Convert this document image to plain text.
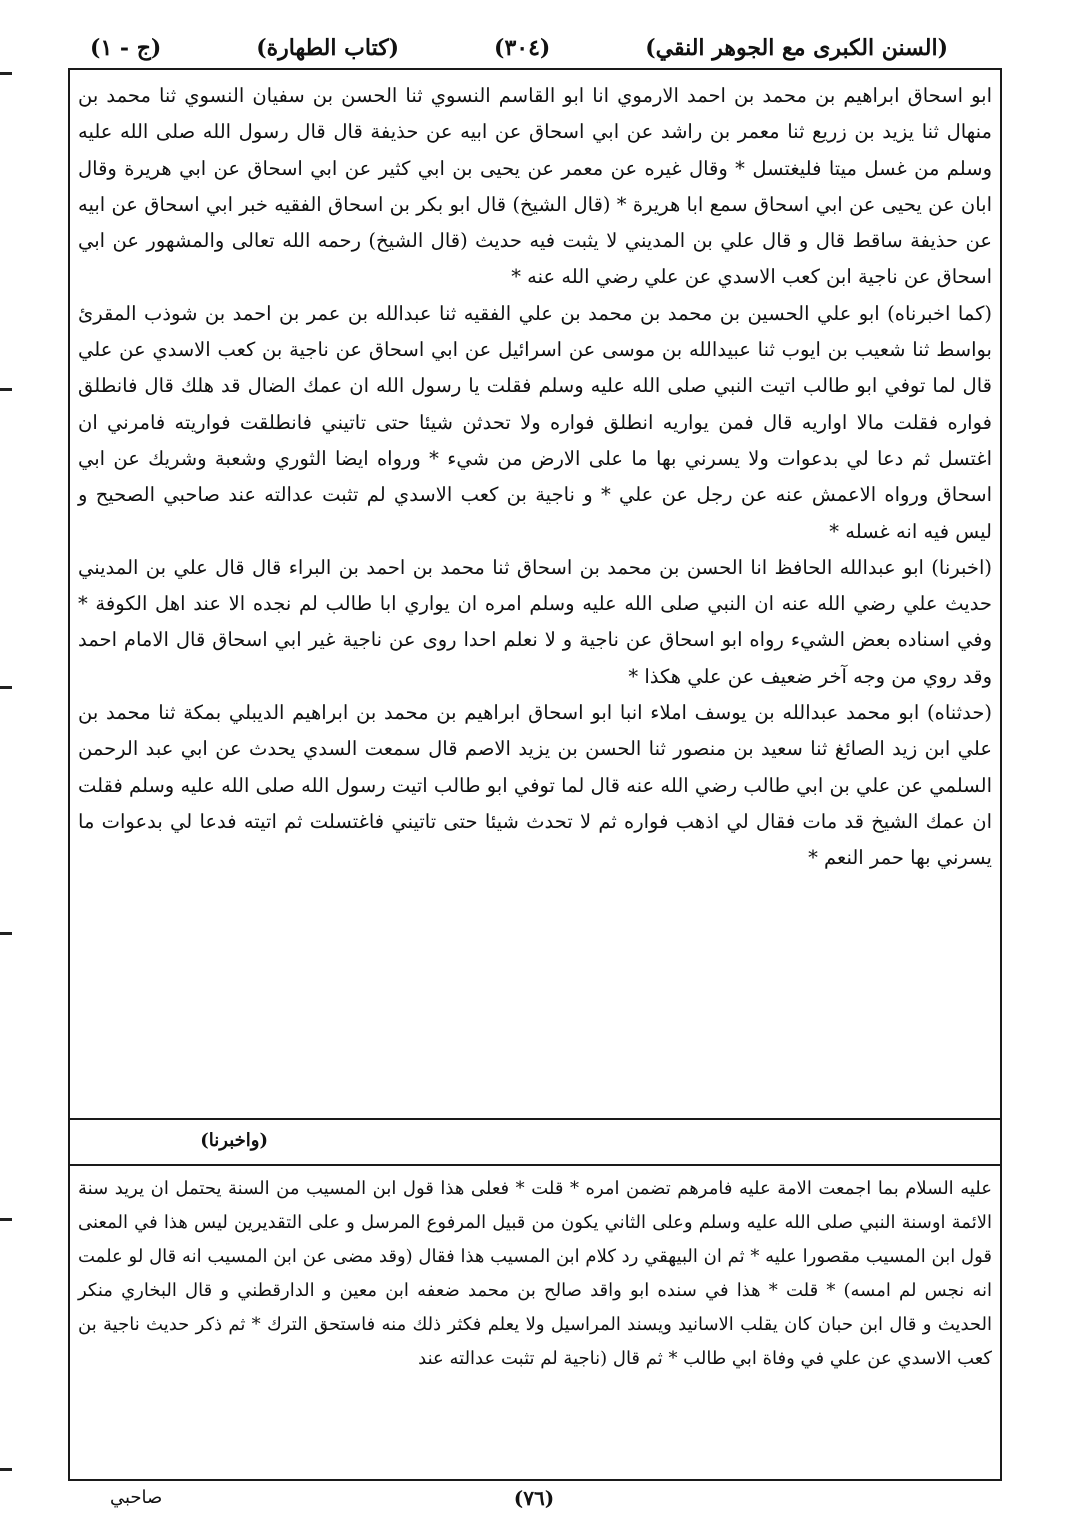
(السنن الكبرى مع الجوهر النقي)
(٣٠٤)
(كتاب الطهارة)
(ج - ١)

ابو اسحاق ابراهيم بن محمد بن احمد الارموي انا ابو القاسم النسوي ثنا الحسن بن سفيان النسوي ثنا محمد بن منهال ثنا يزيد بن زريع ثنا معمر بن راشد عن ابي اسحاق عن ابيه عن حذيفة قال قال رسول الله صلى الله عليه وسلم من غسل ميتا فليغتسل * وقال غيره عن معمر عن يحيى بن ابي كثير عن ابي اسحاق عن ابي هريرة وقال ابان عن يحيى عن ابي اسحاق سمع ابا هريرة * (قال الشيخ) قال ابو بكر بن اسحاق الفقيه خبر ابي اسحاق عن ابيه عن حذيفة ساقط قال و قال علي بن المديني لا يثبت فيه حديث (قال الشيخ) رحمه الله تعالى والمشهور عن ابي اسحاق عن ناجية ابن كعب الاسدي عن علي رضي الله عنه *

(كما اخبرناه) ابو علي الحسين بن محمد بن محمد بن علي الفقيه ثنا عبدالله بن عمر بن احمد بن شوذب المقرئ بواسط ثنا شعيب بن ايوب ثنا عبيدالله بن موسى عن اسرائيل عن ابي اسحاق عن ناجية بن كعب الاسدي عن علي قال لما توفي ابو طالب اتيت النبي صلى الله عليه وسلم فقلت يا رسول الله ان عمك الضال قد هلك قال فانطلق فواره فقلت مالا اواريه قال فمن يواريه انطلق فواره ولا تحدثن شيئا حتى تاتيني فانطلقت فواريته فامرني ان اغتسل ثم دعا لي بدعوات ولا يسرني بها ما على الارض من شيء * ورواه ايضا الثوري وشعبة وشريك عن ابي اسحاق ورواه الاعمش عنه عن رجل عن علي * و ناجية بن كعب الاسدي لم تثبت عدالته عند صاحبي الصحيح و ليس فيه انه غسله *

(اخبرنا) ابو عبدالله الحافظ انا الحسن بن محمد بن اسحاق ثنا محمد بن احمد بن البراء قال قال علي بن المديني حديث علي رضي الله عنه ان النبي صلى الله عليه وسلم امره ان يواري ابا طالب لم نجده الا عند اهل الكوفة * وفي اسناده بعض الشيء رواه ابو اسحاق عن ناجية و لا نعلم احدا روى عن ناجية غير ابي اسحاق قال الامام احمد وقد روي من وجه آخر ضعيف عن علي هكذا *

(حدثناه) ابو محمد عبدالله بن يوسف املاء انبا ابو اسحاق ابراهيم بن محمد بن ابراهيم الديبلي بمكة ثنا محمد بن علي ابن زيد الصائغ ثنا سعيد بن منصور ثنا الحسن بن يزيد الاصم قال سمعت السدي يحدث عن ابي عبد الرحمن السلمي عن علي بن ابي طالب رضي الله عنه قال لما توفي ابو طالب اتيت رسول الله صلى الله عليه وسلم فقلت ان عمك الشيخ قد مات فقال لي اذهب فواره ثم لا تحدث شيئا حتى تاتيني فاغتسلت ثم اتيته فدعا لي بدعوات ما يسرني بها حمر النعم *

(واخبرنا)

عليه السلام بما اجمعت الامة عليه فامرهم تضمن امره * قلت * فعلى هذا قول ابن المسيب من السنة يحتمل ان يريد سنة الائمة اوسنة النبي صلى الله عليه وسلم وعلى الثاني يكون من قبيل المرفوع المرسل و على التقديرين ليس هذا في المعنى قول ابن المسيب مقصورا عليه * ثم ان البيهقي رد كلام ابن المسيب هذا فقال (وقد مضى عن ابن المسيب انه قال لو علمت انه نجس لم امسه) * قلت * هذا في سنده ابو واقد صالح بن محمد ضعفه ابن معين و الدارقطني و قال البخاري منكر الحديث و قال ابن حبان كان يقلب الاسانيد ويسند المراسيل ولا يعلم فكثر ذلك منه فاستحق الترك * ثم ذكر حديث ناجية بن كعب الاسدي عن علي في وفاة ابي طالب * ثم قال (ناجية لم تثبت عدالته عند

صاحبي	(٧٦)
